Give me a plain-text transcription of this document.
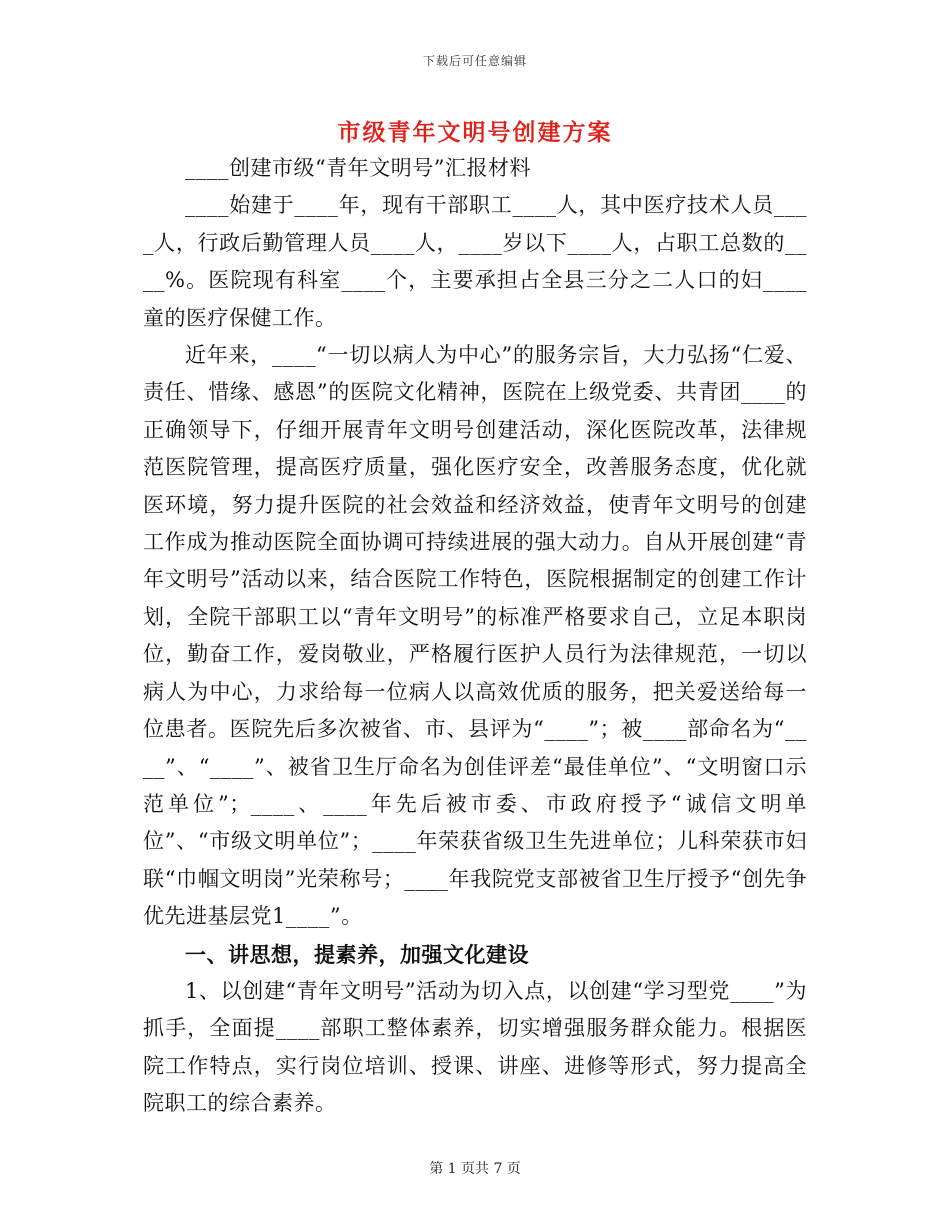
下载后可任意编辑
市级青年文明号创建方案

____创建市级“青年文明号”汇报材料

____始建于____年，现有干部职工____人，其中医疗技术人员____人，行政后勤管理人员____人，____岁以下____人，占职工总数的____%。医院现有科室____个，主要承担占全县三分之二人口的妇____童的医疗保健工作。

近年来，____“一切以病人为中心”的服务宗旨，大力弘扬“仁爱、责任、惜缘、感恩”的医院文化精神，医院在上级党委、共青团____的正确领导下，仔细开展青年文明号创建活动，深化医院改革，法律规范医院管理，提高医疗质量，强化医疗安全，改善服务态度，优化就医环境，努力提升医院的社会效益和经济效益，使青年文明号的创建工作成为推动医院全面协调可持续进展的强大动力。自从开展创建“青年文明号”活动以来，结合医院工作特色，医院根据制定的创建工作计划，全院干部职工以“青年文明号”的标准严格要求自己，立足本职岗位，勤奋工作，爱岗敬业，严格履行医护人员行为法律规范，一切以病人为中心，力求给每一位病人以高效优质的服务，把关爱送给每一位患者。医院先后多次被省、市、县评为“____”；被____部命名为“____”、“____”、被省卫生厅命名为创佳评差“最佳单位”、“文明窗口示范单位”；____、____年先后被市委、市政府授予“诚信文明单位”、“市级文明单位”；____年荣获省级卫生先进单位；儿科荣获市妇联“巾帼文明岗”光荣称号；____年我院党支部被省卫生厅授予“创先争优先进基层党1____”。

一、讲思想，提素养，加强文化建设

1、以创建“青年文明号”活动为切入点，以创建“学习型党____”为抓手，全面提____部职工整体素养，切实增强服务群众能力。根据医院工作特点，实行岗位培训、授课、讲座、进修等形式，努力提高全院职工的综合素养。

第 1 页共 7 页
